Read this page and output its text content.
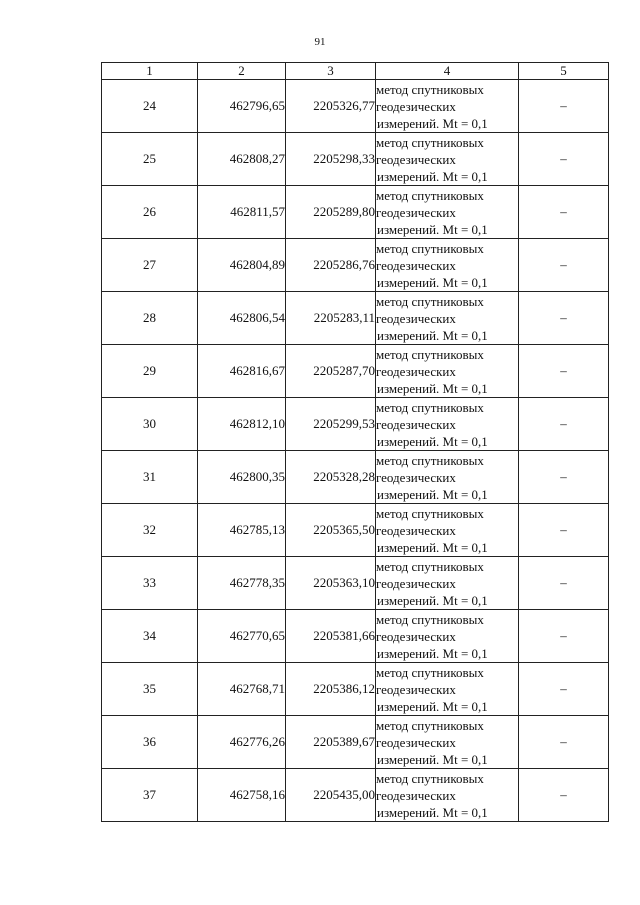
91
1	2	3	4	5
24	462796,65	2205326,77	метод спутниковых
геодезических
измерений. Mt = 0,1	–
25	462808,27	2205298,33	метод спутниковых
геодезических
измерений. Mt = 0,1	–
26	462811,57	2205289,80	метод спутниковых
геодезических
измерений. Mt = 0,1	–
27	462804,89	2205286,76	метод спутниковых
геодезических
измерений. Mt = 0,1	–
28	462806,54	2205283,11	метод спутниковых
геодезических
измерений. Mt = 0,1	–
29	462816,67	2205287,70	метод спутниковых
геодезических
измерений. Mt = 0,1	–
30	462812,10	2205299,53	метод спутниковых
геодезических
измерений. Mt = 0,1	–
31	462800,35	2205328,28	метод спутниковых
геодезических
измерений. Mt = 0,1	–
32	462785,13	2205365,50	метод спутниковых
геодезических
измерений. Mt = 0,1	–
33	462778,35	2205363,10	метод спутниковых
геодезических
измерений. Mt = 0,1	–
34	462770,65	2205381,66	метод спутниковых
геодезических
измерений. Mt = 0,1	–
35	462768,71	2205386,12	метод спутниковых
геодезических
измерений. Mt = 0,1	–
36	462776,26	2205389,67	метод спутниковых
геодезических
измерений. Mt = 0,1	–
37	462758,16	2205435,00	метод спутниковых
геодезических
измерений. Mt = 0,1	–
